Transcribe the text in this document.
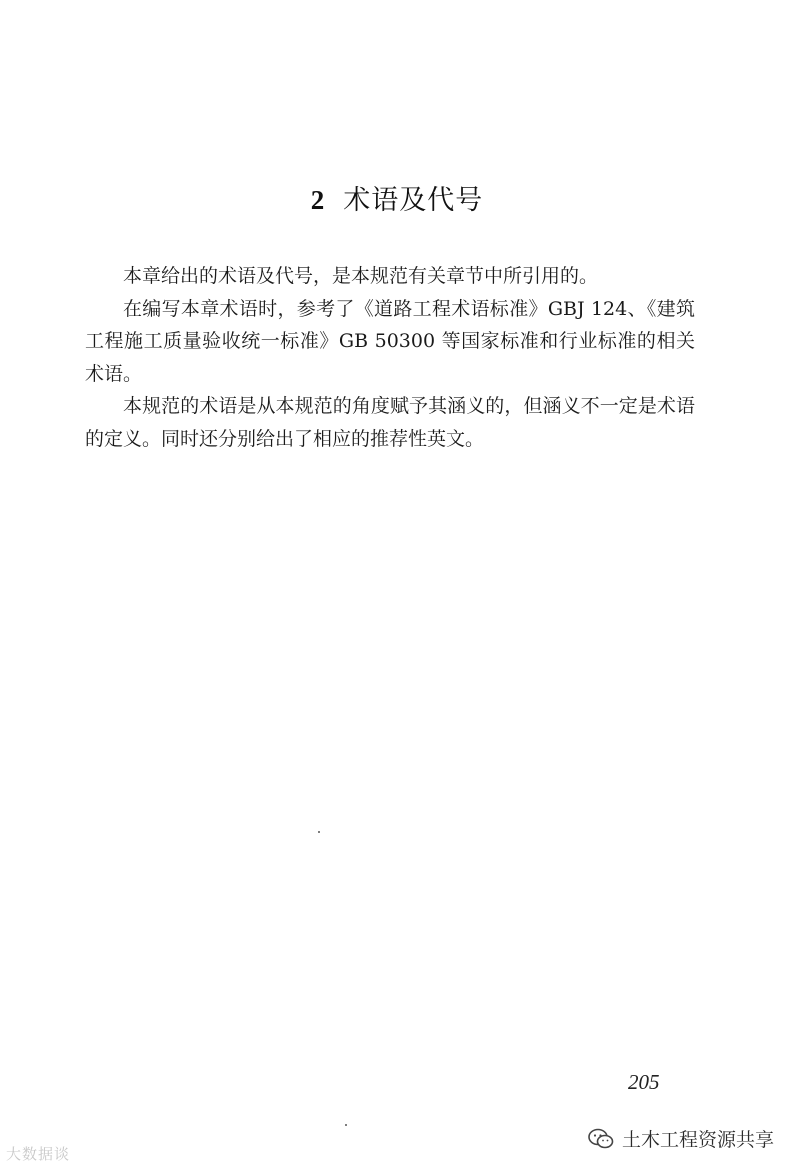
2 术语及代号

本章给出的术语及代号，是本规范有关章节中所引用的。

在编写本章术语时，参考了《道路工程术语标准》GBJ 124、《建筑工程施工质量验收统一标准》GB 50300 等国家标准和行业标准的相关术语。

本规范的术语是从本规范的角度赋予其涵义的，但涵义不一定是术语的定义。同时还分别给出了相应的推荐性英文。

205
大数据谈
土木工程资源共享
